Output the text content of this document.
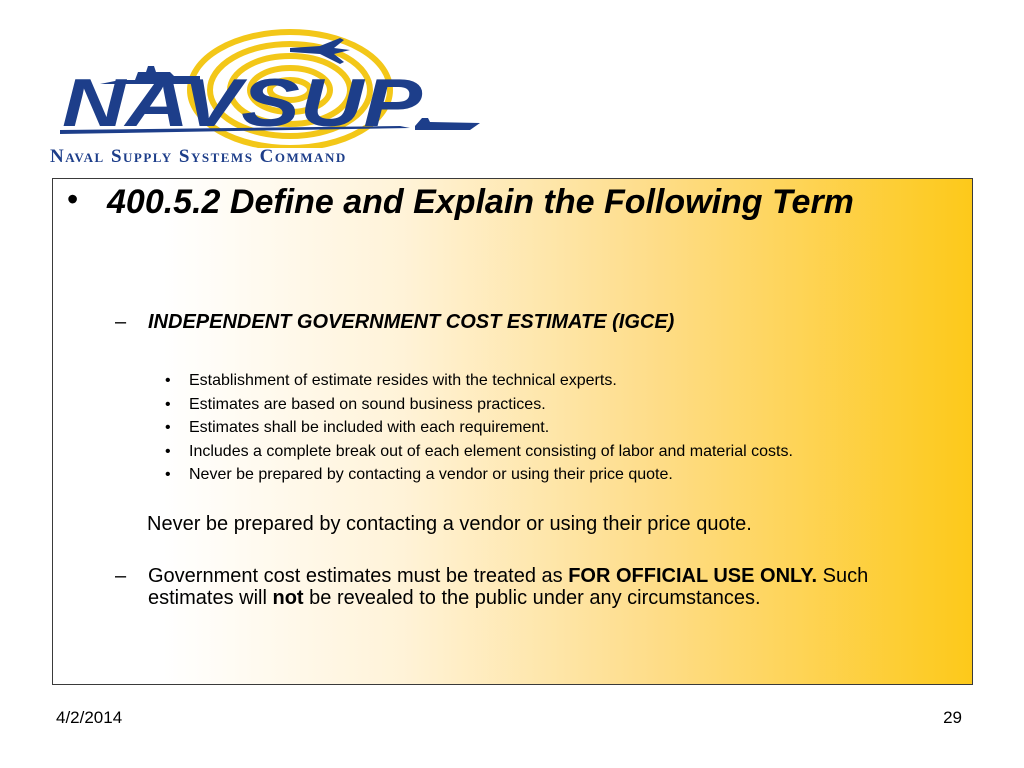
NAVSUP
Naval Supply Systems Command
• 400.5.2 Define and Explain the Following Term
–	INDEPENDENT GOVERNMENT COST ESTIMATE (IGCE)
•	Establishment of estimate resides with the technical experts.
•	Estimates are based on sound business practices.
•	Estimates shall be included with each requirement.
•	Includes a complete break out of each element consisting of labor and material costs.
•	Never be prepared by contacting a vendor or using their price quote.
Never be prepared by contacting a vendor or using their price quote.
–	Government cost estimates must be treated as FOR OFFICIAL USE ONLY. Such estimates will not be revealed to the public under any circumstances.
4/2/2014	29
